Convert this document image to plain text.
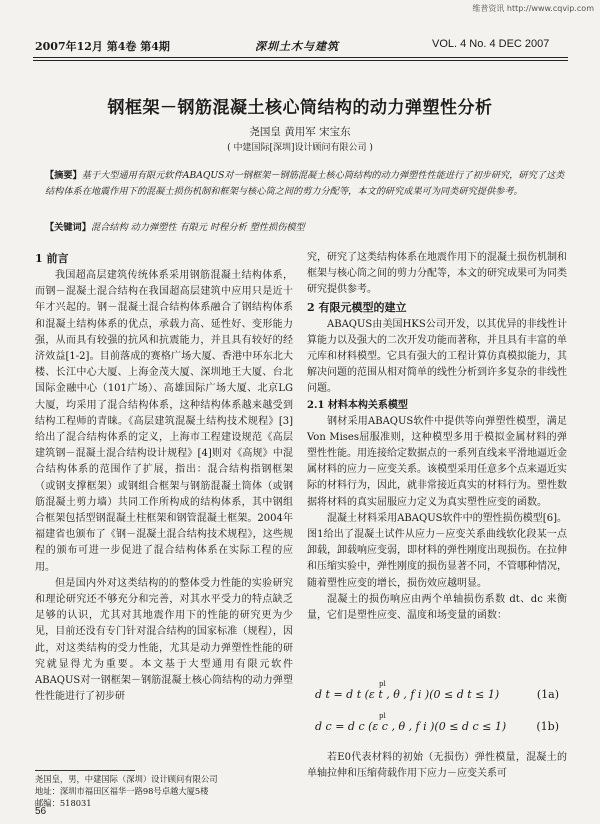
维普资讯 http://www.cqvip.com
2007年12月 第4卷 第4期	深圳土木与建筑	VOL. 4 No. 4 DEC 2007
钢框架－钢筋混凝土核心筒结构的动力弹塑性分析
尧国皇 黄用军 宋宝东
( 中建国际[深圳]设计顾问有限公司 )
【摘要】基于大型通用有限元软件ABAQUS对一钢框架－钢筋混凝土核心筒结构的动力弹塑性性能进行了初步研究，研究了这类结构体系在地震作用下的混凝土损伤机制和框架与核心筒之间的剪力分配等，本文的研究成果可为同类研究提供参考。
【关键词】混合结构 动力弹塑性 有限元 时程分析 塑性损伤模型
1 前言

我国超高层建筑传统体系采用钢筋混凝土结构体系，而钢－混凝土混合结构在我国超高层建筑中应用只是近十年才兴起的。钢－混凝土混合结构体系融合了钢结构体系和混凝土结构体系的优点，承载力高、延性好、变形能力强，从而具有较强的抗风和抗震能力，并且具有较好的经济效益[1-2]。目前落成的赛格广场大厦、香港中环东北大楼、长江中心大厦、上海金茂大厦、深圳地王大厦、台北国际金融中心（101广场）、高雄国际广场大厦、北京LG大厦，均采用了混合结构体系，这种结构体系越来越受到结构工程师的青睐。《高层建筑混凝土结构技术规程》[3]给出了混合结构体系的定义，上海市工程建设规范《高层建筑钢－混凝土混合结构设计规程》[4]则对《高规》中混合结构体系的范围作了扩展，指出：混合结构指钢框架（或钢支撑框架）或钢组合框架与钢筋混凝土筒体（或钢筋混凝土剪力墙）共同工作所构成的结构体系，其中钢组合框架包括型钢混凝土柱框架和钢管混凝土框架。2004年福建省也颁布了《钢－混凝土混合结构技术规程》，这些规程的颁布可进一步促进了混合结构体系在实际工程的应用。

但是国内外对这类结构的的整体受力性能的实验研究和理论研究还不够充分和完善，对其水平受力的特点缺乏足够的认识，尤其对其地震作用下的性能的研究更为少见，目前还没有专门针对混合结构的国家标准（规程），因此，对这类结构的受力性能，尤其是动力弹塑性性能的研究就显得尤为重要。本文基于大型通用有限元软件ABAQUS对一钢框架－钢筋混凝土核心筒结构的动力弹塑性性能进行了初步研

究，研究了这类结构体系在地震作用下的混凝土损伤机制和框架与核心筒之间的剪力分配等，本文的研究成果可为同类研究提供参考。

2 有限元模型的建立

ABAQUS由美国HKS公司开发，以其优异的非线性计算能力以及强大的二次开发功能而著称，并且具有丰富的单元库和材料模型。它具有强大的工程计算仿真模拟能力，其解决问题的范围从相对简单的线性分析到许多复杂的非线性问题。

2.1 材料本构关系模型

钢材采用ABAQUS软件中提供等向弹塑性模型，满足Von Mises屈服准则，这种模型多用于模拟金属材料的弹塑性性能。用连接给定数据点的一系列直线来平滑地逼近金属材料的应力－应变关系。该模型采用任意多个点来逼近实际的材料行为，因此，就非常接近真实的材料行为。塑性数据将材料的真实屈服应力定义为真实塑性应变的函数。

混凝土材料采用ABAQUS软件中的塑性损伤模型[6]。图1给出了混凝土试件从应力－应变关系曲线软化段某一点卸载，卸载响应变弱，即材料的弹性刚度出现损伤。在拉伸和压缩实验中，弹性刚度的损伤显著不同，不管哪种情况，随着塑性应变的增长，损伤效应越明显。

混凝土的损伤响应由两个单轴损伤系数 dt、dc 来衡量，它们是塑性应变、温度和场变量的函数：

pl
d t = d t (ε t , θ , f i )(0 ≤ d t ≤ 1)	(1a)
pl
d c = d c (ε c , θ , f i )(0 ≤ d c ≤ 1)	(1b)

若E0代表材料的初始（无损伤）弹性模量，混凝土的单轴拉伸和压缩荷载作用下应力－应变关系可

尧国皇，男，中建国际（深圳）设计顾问有限公司
地址：深圳市福田区福华一路98号卓越大厦5楼
邮编：518031
56
